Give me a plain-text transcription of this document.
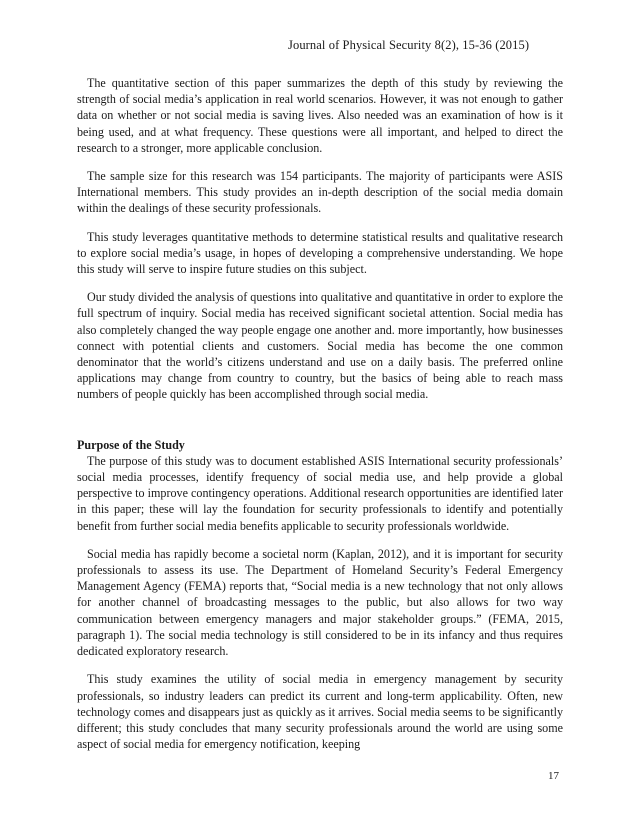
Journal of Physical Security 8(2), 15-36 (2015)

The quantitative section of this paper summarizes the depth of this study by reviewing the strength of social media’s application in real world scenarios. However, it was not enough to gather data on whether or not social media is saving lives. Also needed was an examination of how is it being used, and at what frequency. These questions were all important, and helped to direct the research to a stronger, more applicable conclusion.

The sample size for this research was 154 participants. The majority of participants were ASIS International members. This study provides an in-depth description of the social media domain within the dealings of these security professionals.

This study leverages quantitative methods to determine statistical results and qualitative research to explore social media’s usage, in hopes of developing a comprehensive understanding. We hope this study will serve to inspire future studies on this subject.

Our study divided the analysis of questions into qualitative and quantitative in order to explore the full spectrum of inquiry. Social media has received significant societal attention. Social media has also completely changed the way people engage one another and. more importantly, how businesses connect with potential clients and customers. Social media has become the one common denominator that the world’s citizens understand and use on a daily basis. The preferred online applications may change from country to country, but the basics of being able to reach mass numbers of people quickly has been accomplished through social media.

Purpose of the Study

The purpose of this study was to document established ASIS International security professionals’ social media processes, identify frequency of social media use, and help provide a global perspective to improve contingency operations. Additional research opportunities are identified later in this paper; these will lay the foundation for security professionals to identify and potentially benefit from further social media benefits applicable to security professionals worldwide.

Social media has rapidly become a societal norm (Kaplan, 2012), and it is important for security professionals to assess its use. The Department of Homeland Security’s Federal Emergency Management Agency (FEMA) reports that, “Social media is a new technology that not only allows for another channel of broadcasting messages to the public, but also allows for two way communication between emergency managers and major stakeholder groups.” (FEMA, 2015, paragraph 1). The social media technology is still considered to be in its infancy and thus requires dedicated exploratory research.

This study examines the utility of social media in emergency management by security professionals, so industry leaders can predict its current and long-term applicability. Often, new technology comes and disappears just as quickly as it arrives. Social media seems to be significantly different; this study concludes that many security professionals around the world are using some aspect of social media for emergency notification, keeping

17
